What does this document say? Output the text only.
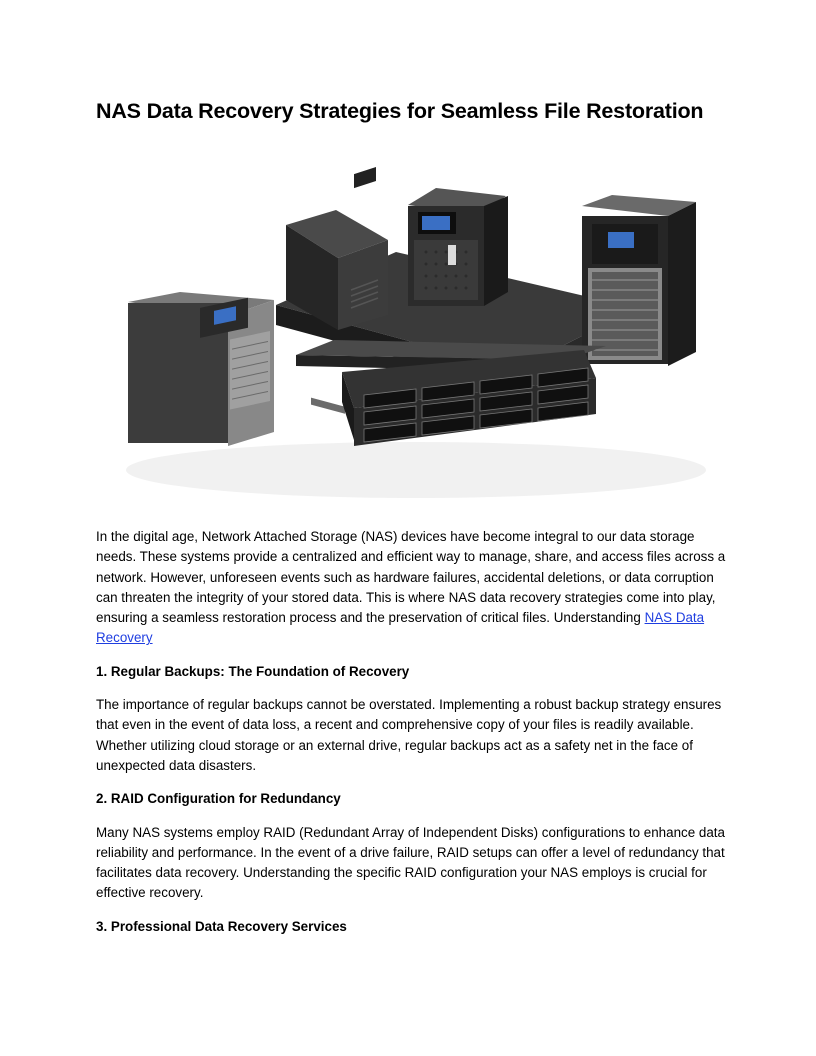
NAS Data Recovery Strategies for Seamless File Restoration

In the digital age, Network Attached Storage (NAS) devices have become integral to our data storage needs. These systems provide a centralized and efficient way to manage, share, and access files across a network. However, unforeseen events such as hardware failures, accidental deletions, or data corruption can threaten the integrity of your stored data. This is where NAS data recovery strategies come into play, ensuring a seamless restoration process and the preservation of critical files. Understanding NAS Data Recovery

1. Regular Backups: The Foundation of Recovery

The importance of regular backups cannot be overstated. Implementing a robust backup strategy ensures that even in the event of data loss, a recent and comprehensive copy of your files is readily available. Whether utilizing cloud storage or an external drive, regular backups act as a safety net in the face of unexpected data disasters.

2. RAID Configuration for Redundancy

Many NAS systems employ RAID (Redundant Array of Independent Disks) configurations to enhance data reliability and performance. In the event of a drive failure, RAID setups can offer a level of redundancy that facilitates data recovery. Understanding the specific RAID configuration your NAS employs is crucial for effective recovery.

3. Professional Data Recovery Services
